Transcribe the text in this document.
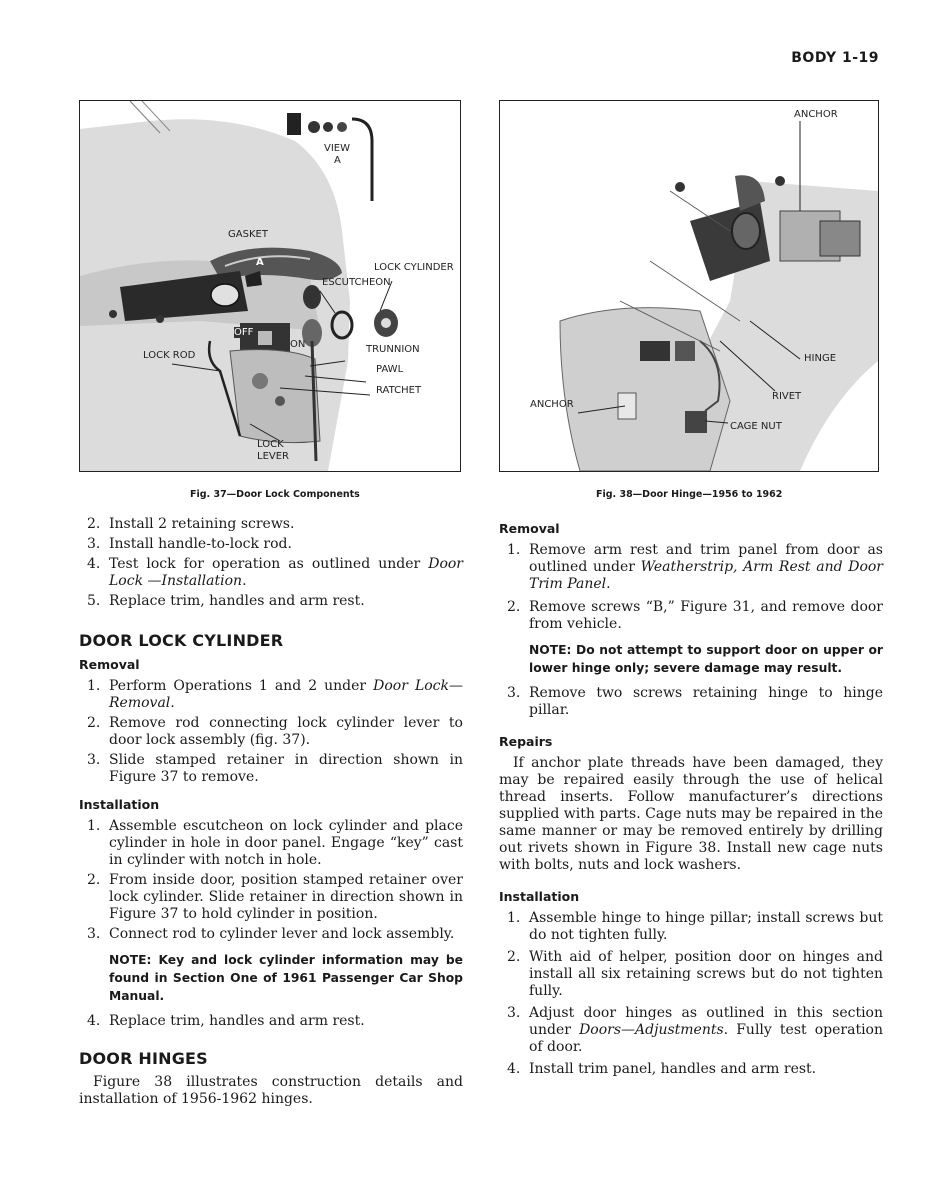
BODY 1-19
VIEW
A
GASKET
LOCK CYLINDER
ESCUTCHEON
A
OFF
ON
LOCK ROD
TRUNNION
PAWL
RATCHET
LOCK
LEVER
Fig. 37—Door Lock Components
ANCHOR
HINGE
RIVET
ANCHOR
CAGE NUT
Fig. 38—Door Hinge—1956 to 1962
2. Install 2 retaining screws.
3. Install handle-to-lock rod.
4. Test lock for operation as outlined under Door Lock —Installation.
5. Replace trim, handles and arm rest.
DOOR LOCK CYLINDER
Removal
1. Perform Operations 1 and 2 under Door Lock— Removal.
2. Remove rod connecting lock cylinder lever to door lock assembly (fig. 37).
3. Slide stamped retainer in direction shown in Figure 37 to remove.
Installation
1. Assemble escutcheon on lock cylinder and place cylinder in hole in door panel. Engage “key” cast in cylinder with notch in hole.
2. From inside door, position stamped retainer over lock cylinder. Slide retainer in direction shown in Figure 37 to hold cylinder in position.
3. Connect rod to cylinder lever and lock assembly.
NOTE: Key and lock cylinder information may be found in Section One of 1961 Passenger Car Shop Manual.
4. Replace trim, handles and arm rest.
DOOR HINGES

Figure 38 illustrates construction details and installation of 1956-1962 hinges.

Removal
1. Remove arm rest and trim panel from door as outlined under Weatherstrip, Arm Rest and Door Trim Panel.
2. Remove screws “B,” Figure 31, and remove door from vehicle.
NOTE: Do not attempt to support door on upper or lower hinge only; severe damage may result.
3. Remove two screws retaining hinge to hinge pillar.
Repairs

If anchor plate threads have been damaged, they may be repaired easily through the use of helical thread inserts. Follow manufacturer’s directions supplied with parts. Cage nuts may be repaired in the same manner or may be removed entirely by drilling out rivets shown in Figure 38. Install new cage nuts with bolts, nuts and lock washers.

Installation
1. Assemble hinge to hinge pillar; install screws but do not tighten fully.
2. With aid of helper, position door on hinges and install all six retaining screws but do not tighten fully.
3. Adjust door hinges as outlined in this section under Doors—Adjustments. Fully test operation of door.
4. Install trim panel, handles and arm rest.
